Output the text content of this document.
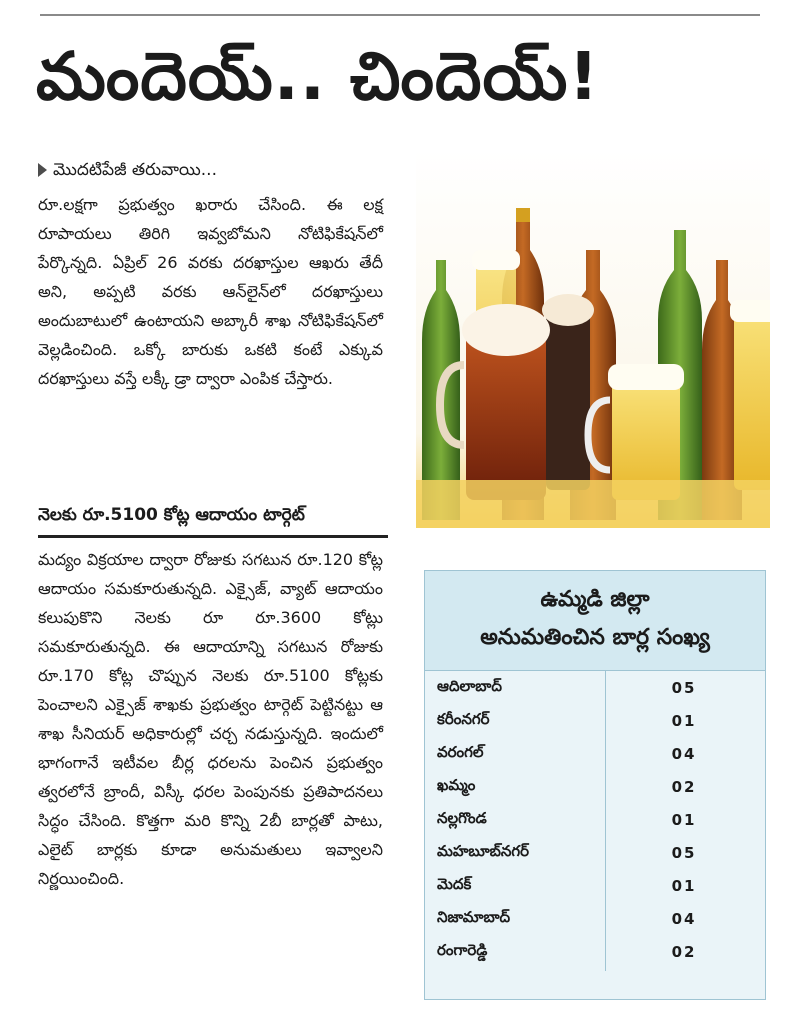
మందెయ్.. చిందెయ్!
మొదటిపేజీ తరువాయి...
రూ.లక్షగా ప్రభుత్వం ఖరారు చేసింది. ఈ లక్ష రూపాయలు తిరిగి ఇవ్వబోమని నోటిఫికేషన్‌లో పేర్కొన్నది. ఏప్రిల్ 26 వరకు దరఖాస్తుల ఆఖరు తేదీ అని, అప్పటి వరకు ఆన్‌లైన్‌లో దరఖాస్తులు అందుబాటులో ఉంటాయని అబ్కారీ శాఖ నోటిఫికేషన్‌లో వెల్లడించింది. ఒక్కో బారుకు ఒకటి కంటే ఎక్కువ దరఖాస్తులు వస్తే లక్కీ డ్రా ద్వారా ఎంపిక చేస్తారు.
నెలకు రూ.5100 కోట్ల ఆదాయం టార్గెట్
మద్యం విక్రయాల ద్వారా రోజుకు సగటున రూ.120 కోట్ల ఆదాయం సమకూరుతున్నది. ఎక్సైజ్, వ్యాట్ ఆదాయం కలుపుకొని నెలకు రూ రూ.3600 కోట్లు సమకూరుతున్నది. ఈ ఆదాయాన్ని సగటున రోజుకు రూ.170 కోట్ల చొప్పున నెలకు రూ.5100 కోట్లకు పెంచాలని ఎక్సైజ్ శాఖకు ప్రభుత్వం టార్గెట్ పెట్టినట్టు ఆ శాఖ సీనియర్ అధికారుల్లో చర్చ నడుస్తున్నది. ఇందులో భాగంగానే ఇటీవల బీర్ల ధరలను పెంచిన ప్రభుత్వం త్వరలోనే బ్రాందీ, విస్కీ ధరల పెంపునకు ప్రతిపాదనలు సిద్ధం చేసింది. కొత్తగా మరి కొన్ని 2బీ బార్లతో పాటు, ఎలైట్ బార్లకు కూడా అనుమతులు ఇవ్వాలని నిర్ణయించింది.
ఉమ్మడి జిల్లా
అనుమతించిన బార్ల సంఖ్య
ఆదిలాబాద్	05
కరీంనగర్	01
వరంగల్	04
ఖమ్మం	02
నల్లగొండ	01
మహబూబ్‌నగర్	05
మెదక్	01
నిజామాబాద్	04
రంగారెడ్డి	02
